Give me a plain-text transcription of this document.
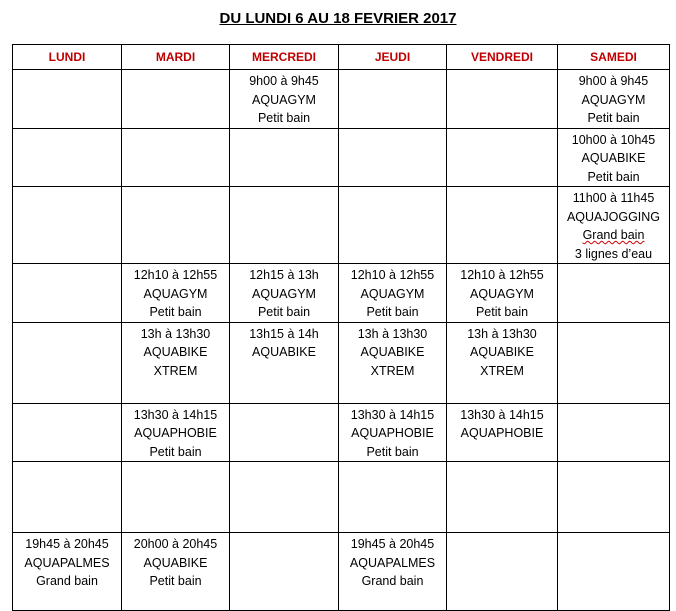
DU LUNDI 6 AU 18 FEVRIER 2017
LUNDI	MARDI	MERCREDI	JEUDI	VENDREDI	SAMEDI

		9h00 à 9h45
AQUAGYM
Petit bain			9h00 à 9h45
AQUAGYM
Petit bain

					10h00 à 10h45
AQUABIKE
Petit bain

					11h00 à 11h45
AQUAJOGGING
Grand bain
3 lignes d’eau

	12h10 à 12h55
AQUAGYM
Petit bain	12h15 à 13h
AQUAGYM
Petit bain	12h10 à 12h55
AQUAGYM
Petit bain	12h10 à 12h55
AQUAGYM
Petit bain	

	13h à 13h30
AQUABIKE
XTREM	13h15 à 14h
AQUABIKE	13h à 13h30
AQUABIKE
XTREM	13h à 13h30
AQUABIKE
XTREM	

	13h30 à 14h15
AQUAPHOBIE
Petit bain		13h30 à 14h15
AQUAPHOBIE
Petit bain	13h30 à 14h15
AQUAPHOBIE	

19h45 à 20h45
AQUAPALMES
Grand bain	20h00 à 20h45
AQUABIKE
Petit bain		19h45 à 20h45
AQUAPALMES
Grand bain		
